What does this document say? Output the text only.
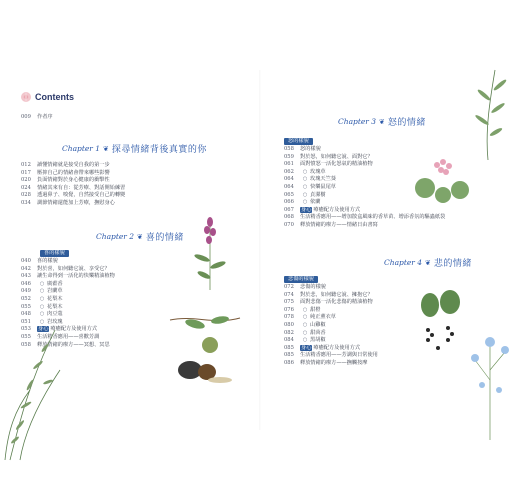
Contents
009 作者序
Chapter 1 ❦ 探尋情緒背後真實的你
012 讀懂情緒就是接受自我的第一步
017 壓抑自己的情緒會帶來哪些影響
020 負面情緒對於身心健康的衝擊性
024 情緒其來有自：從芳療、對話開始練習
028 透過鼻子、嗅覺，自然接受自己的轉變
034 調節情緒還能加上芳療，撫慰身心
Chapter 2 ❦ 喜的情緒
喜的樣貌
040 喜的樣貌
042 對於喜，如何聽它說、享受它？
043 讓生命得到一活化的快樂精油植物
046 ○ 廣藿香
049 ○ 岩蘭草
052 ○ 花梨木
055 ○ 花梨木
048 ○ 肉豆蔻
051 ○ 岩玫瑰
053 身心 療癒配方及使用方式
055 生活精香應用——喜歡芳調
058 釋放情緒的療方——冥想、冥思
Chapter 3 ❦ 怒的情緒
怒的樣貌
058 怒的樣貌
059 對於怒，如何聽它說、面對它？
061 面對憤怒一活化怒氣的精油植物
062 ○ 玫瑰草
064 ○ 玫瑰天竺葵
064 ○ 快樂鼠尾草
065 ○ 貞潔樹
066 ○ 依蘭
067 身心 療癒配方及使用方式
068 生活精香應用——增加散盒風味的香草苗、增添香氛的驅蟲紙袋
070 釋放情緒的療方——情緒日由書寫
Chapter 4 ❦ 悲的情緒
悲傷的樣貌
072 悲傷的樣貌
074 對於悲，如何聽它說、擁抱它？
075 面對悲傷一活化悲傷的精油植物
076 ○ 甜橙
078 ○ 純正薰衣草
080 ○ 山雞椒
082 ○ 甜茴香
084 ○ 黑胡椒
085 身心 療癒配方及使用方式
085 生活精香應用——芳調與日常使用
086 釋放情緒的療方——撫觸按摩
